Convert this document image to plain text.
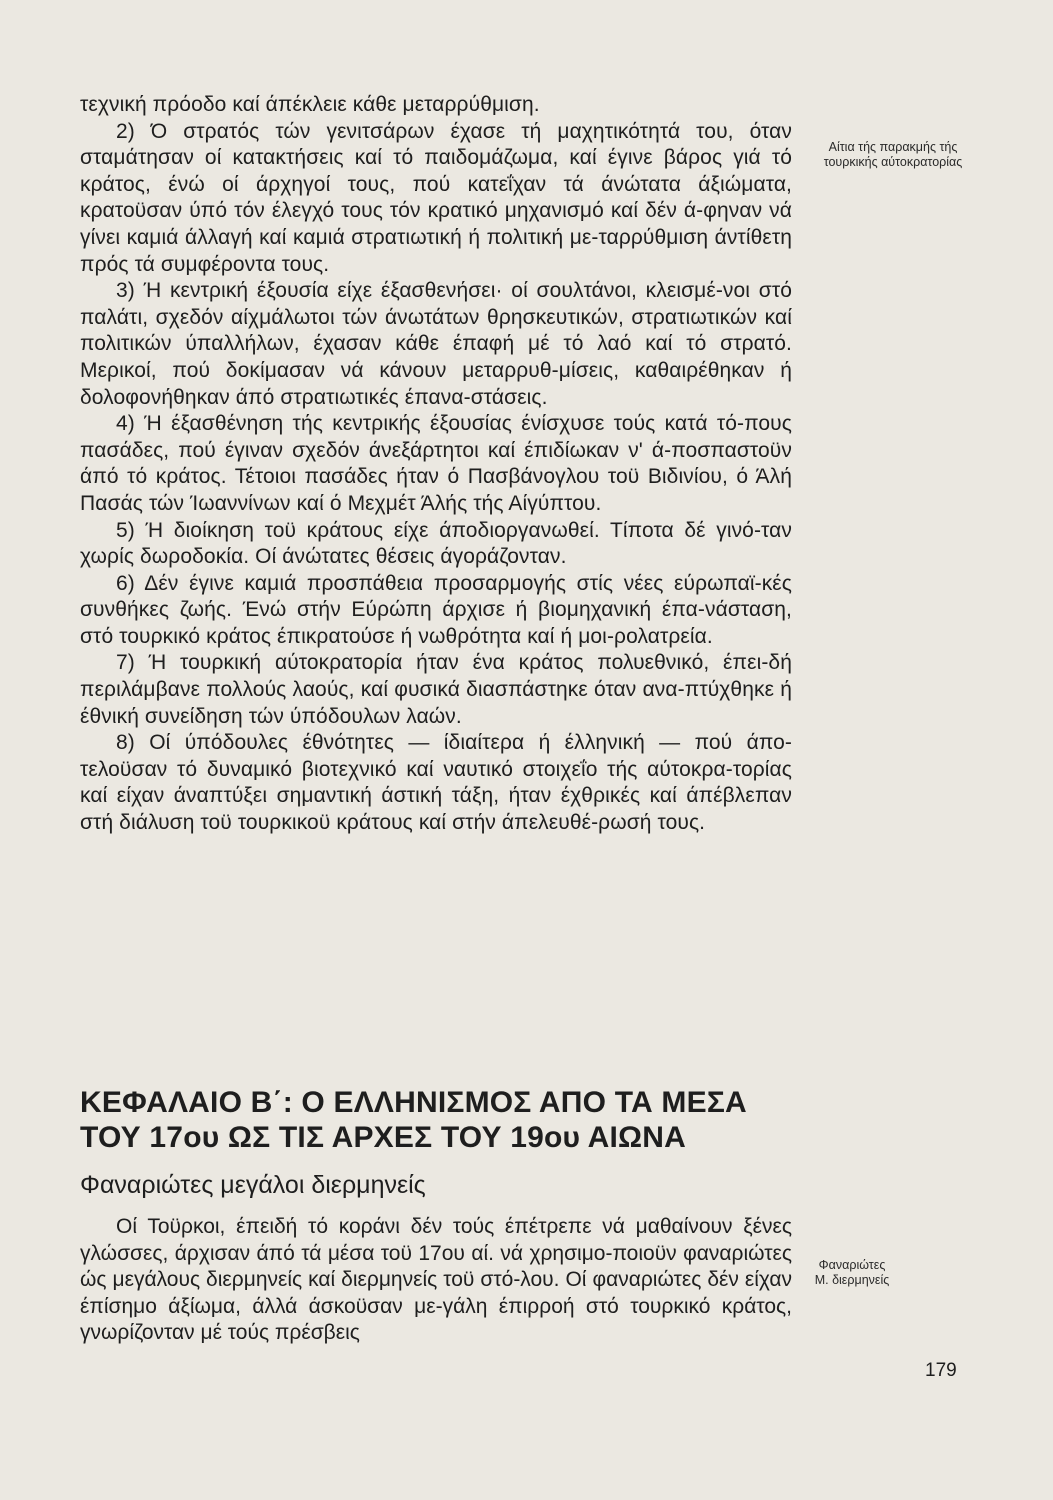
τεχνική πρόοδο καί άπέκλειε κάθε μεταρρύθμιση.

2) Ό στρατός τών γενιτσάρων έχασε τή μαχητικότητά του, όταν σταμάτησαν οί κατακτήσεις καί τό παιδομάζωμα, καί έγινε βάρος γιά τό κράτος, ένώ οί άρχηγοί τους, πού κατεΐχαν τά άνώτατα άξιώματα, κρατοϋσαν ύπό τόν έλεγχό τους τόν κρατικό μηχανισμό καί δέν ά-φηναν νά γίνει καμιά άλλαγή καί καμιά στρατιωτική ή πολιτική με-ταρρύθμιση άντίθετη πρός τά συμφέροντα τους.

3) Ή κεντρική έξουσία είχε έξασθενήσει· οί σουλτάνοι, κλεισμέ-νοι στό παλάτι, σχεδόν αίχμάλωτοι τών άνωτάτων θρησκευτικών, στρατιωτικών καί πολιτικών ύπαλλήλων, έχασαν κάθε έπαφή μέ τό λαό καί τό στρατό. Μερικοί, πού δοκίμασαν νά κάνουν μεταρρυθ-μίσεις, καθαιρέθηκαν ή δολοφονήθηκαν άπό στρατιωτικές έπανα-στάσεις.

4) Ή έξασθένηση τής κεντρικής έξουσίας ένίσχυσε τούς κατά τό-πους πασάδες, πού έγιναν σχεδόν άνεξάρτητοι καί έπιδίωκαν ν' ά-ποσπαστοϋν άπό τό κράτος. Τέτοιοι πασάδες ήταν ό Πασβάνογλου τοϋ Βιδινίου, ό Άλή Πασάς τών Ίωαννίνων καί ό Μεχμέτ Άλής τής Αίγύπτου.

5) Ή διοίκηση τοϋ κράτους είχε άποδιοργανωθεί. Τίποτα δέ γινό-ταν χωρίς δωροδοκία. Οί άνώτατες θέσεις άγοράζονταν.

6) Δέν έγινε καμιά προσπάθεια προσαρμογής στίς νέες εύρωπαϊ-κές συνθήκες ζωής. Ένώ στήν Εύρώπη άρχισε ή βιομηχανική έπα-νάσταση, στό τουρκικό κράτος έπικρατούσε ή νωθρότητα καί ή μοι-ρολατρεία.

7) Ή τουρκική αύτοκρατορία ήταν ένα κράτος πολυεθνικό, έπει-δή περιλάμβανε πολλούς λαούς, καί φυσικά διασπάστηκε όταν ανα-πτύχθηκε ή έθνική συνείδηση τών ύπόδουλων λαών.

8) Οί ύπόδουλες έθνότητες — ίδιαίτερα ή έλληνική — πού άπο-τελοϋσαν τό δυναμικό βιοτεχνικό καί ναυτικό στοιχεΐο τής αύτοκρα-τορίας καί είχαν άναπτύξει σημαντική άστική τάξη, ήταν έχθρικές καί άπέβλεπαν στή διάλυση τοϋ τουρκικοϋ κράτους καί στήν άπελευθέ-ρωσή τους.

Αίτια τής παρακμής τής τουρκικής αύτοκρατορίας
ΚΕΦΑΛΑΙΟ Β΄: Ο ΕΛΛΗΝΙΣΜΟΣ ΑΠΟ ΤΑ ΜΕΣΑ
ΤΟΥ 17ου ΩΣ ΤΙΣ ΑΡΧΕΣ ΤΟΥ 19ου ΑΙΩΝΑ
Φαναριώτες μεγάλοι διερμηνείς

Οί Τοϋρκοι, έπειδή τό κοράνι δέν τούς έπέτρεπε νά μαθαίνουν ξένες γλώσσες, άρχισαν άπό τά μέσα τοϋ 17ου αί. νά χρησιμο-ποιοϋν φαναριώτες ώς μεγάλους διερμηνείς καί διερμηνείς τοϋ στό-λου. Οί φαναριώτες δέν είχαν έπίσημο άξίωμα, άλλά άσκοϋσαν με-γάλη έπιρροή στό τουρκικό κράτος, γνωρίζονταν μέ τούς πρέσβεις

Φαναριώτες Μ. διερμηνείς
179
